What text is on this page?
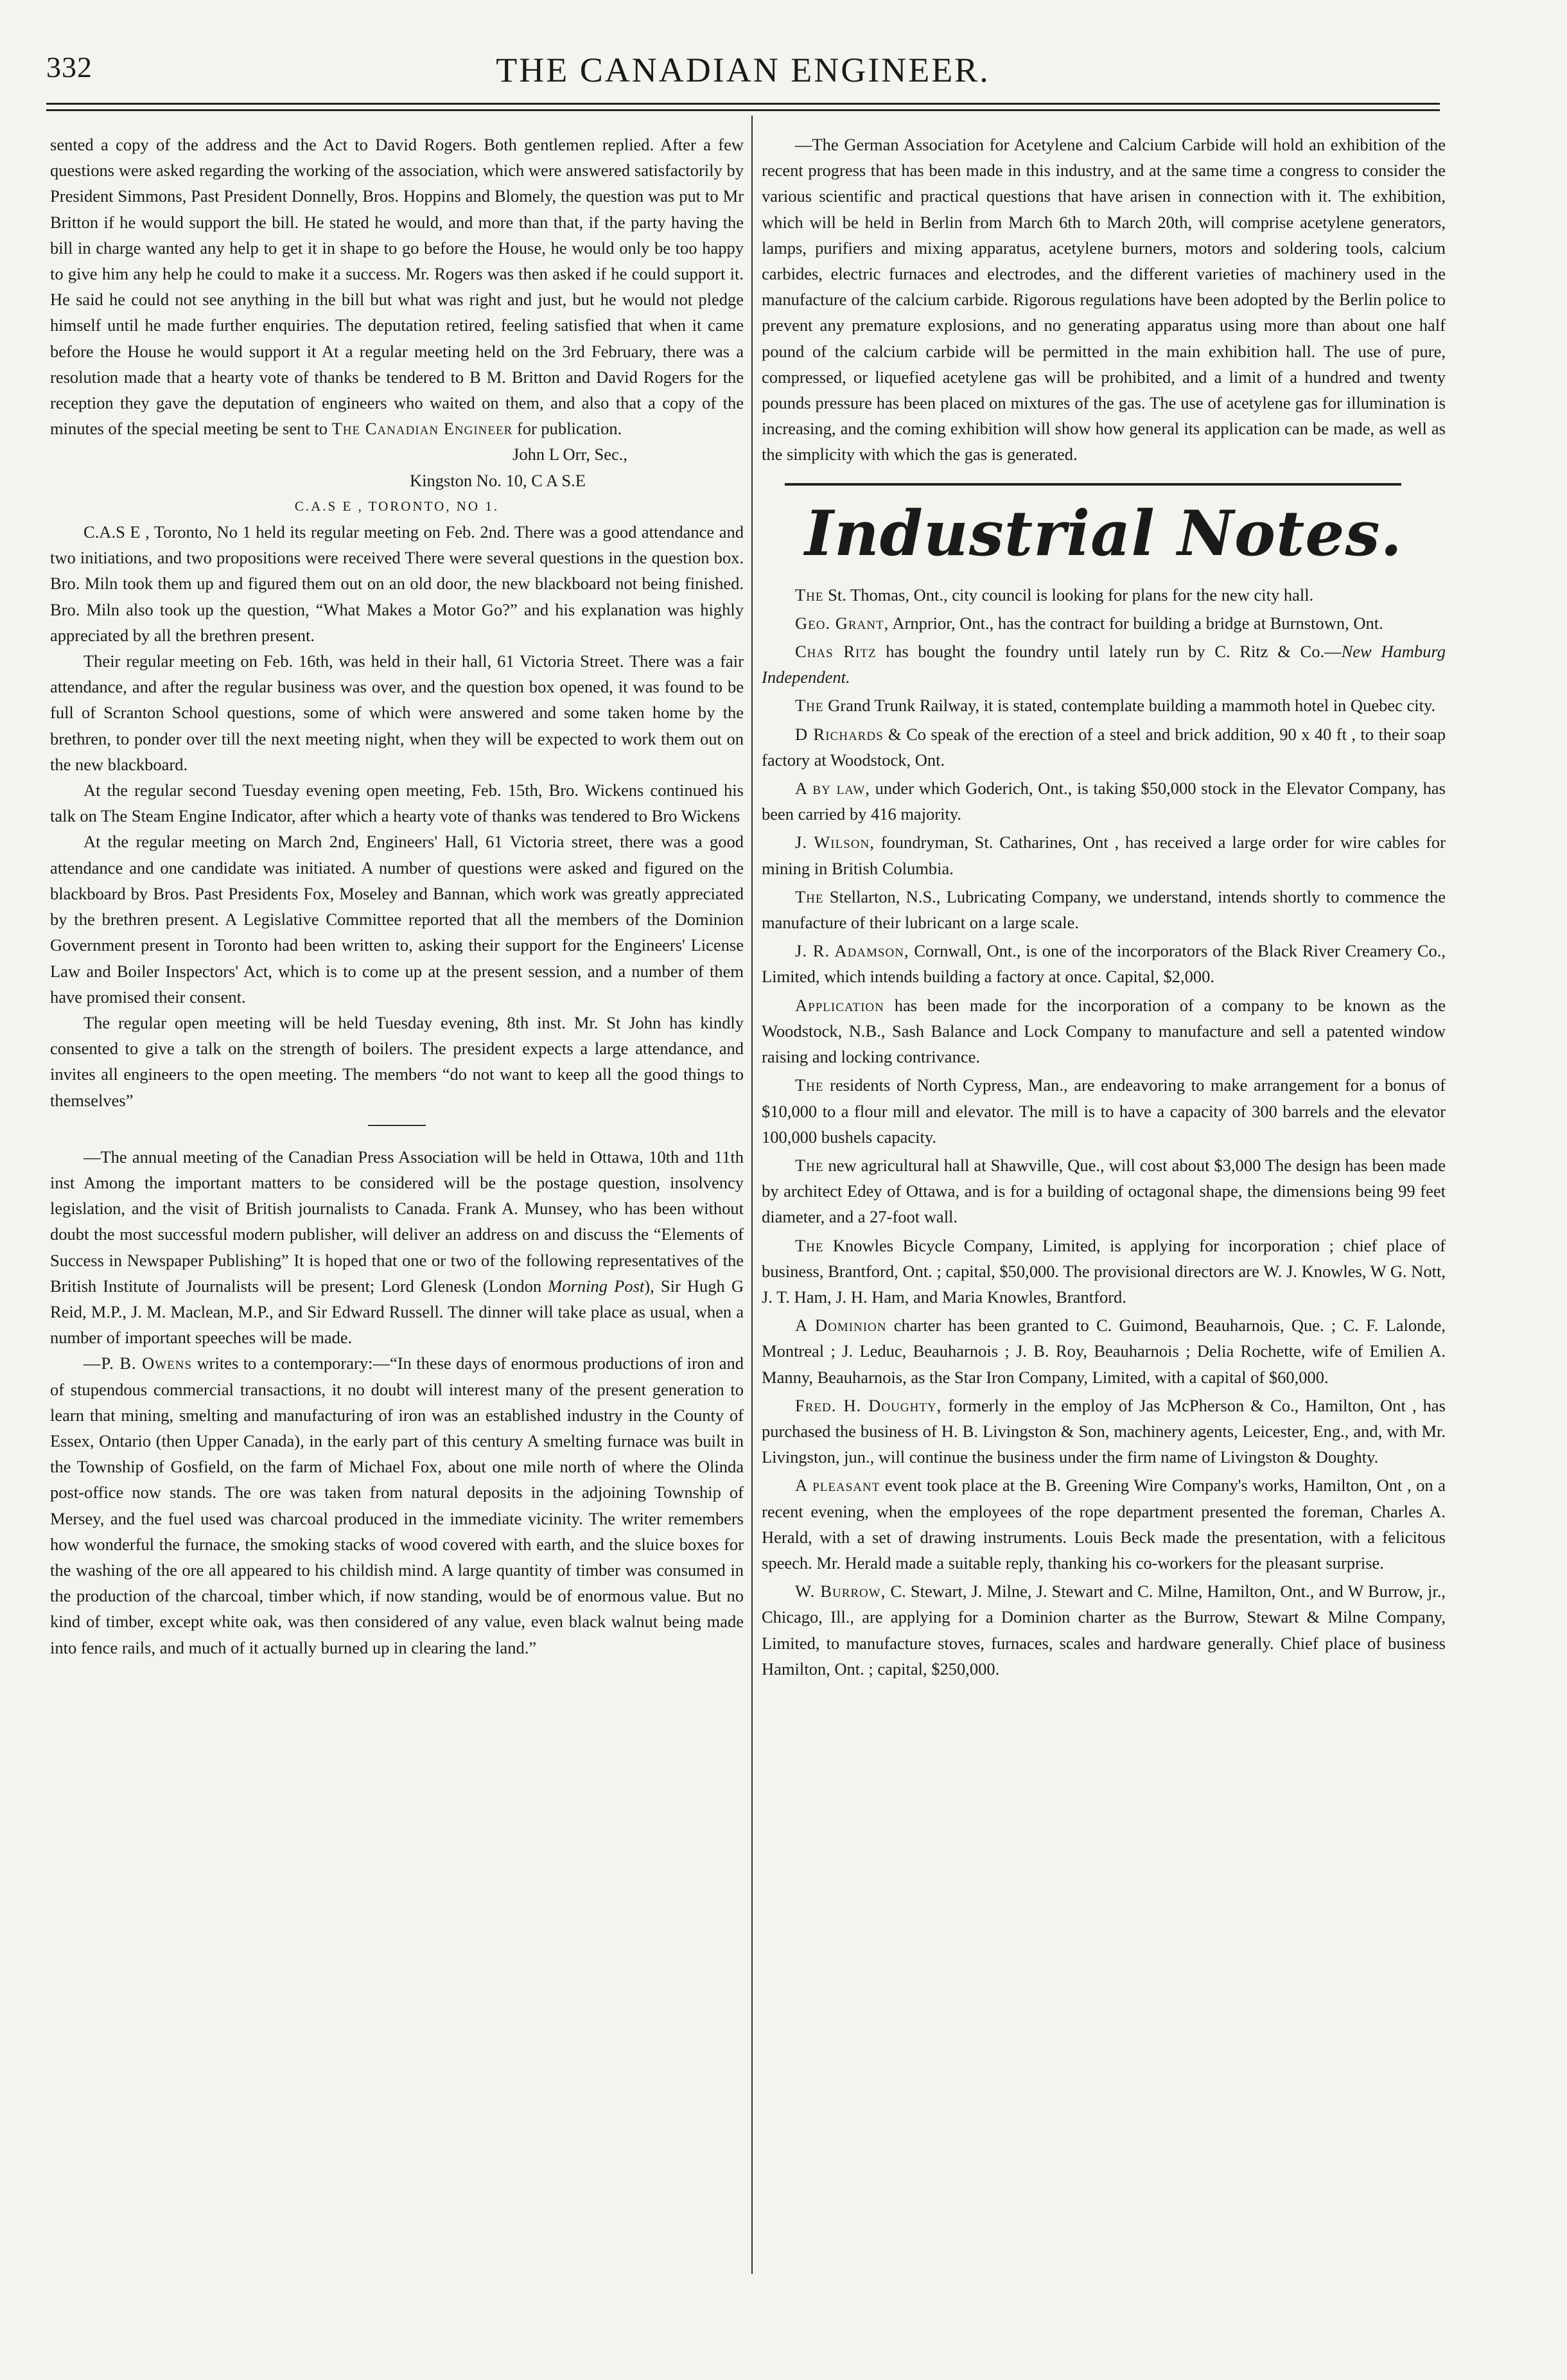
332	THE CANADIAN ENGINEER.

sented a copy of the address and the Act to David Rogers. Both gentlemen replied. After a few questions were asked regarding the working of the association, which were answered satisfactorily by President Simmons, Past President Donnelly, Bros. Hoppins and Blomely, the question was put to Mr Britton if he would support the bill. He stated he would, and more than that, if the party having the bill in charge wanted any help to get it in shape to go before the House, he would only be too happy to give him any help he could to make it a success. Mr. Rogers was then asked if he could support it. He said he could not see anything in the bill but what was right and just, but he would not pledge himself until he made further enquiries. The deputation retired, feeling satisfied that when it came before the House he would support it At a regular meeting held on the 3rd February, there was a resolution made that a hearty vote of thanks be tendered to B M. Britton and David Rogers for the reception they gave the deputation of engineers who waited on them, and also that a copy of the minutes of the special meeting be sent to The Canadian Engineer for publication.

John L Orr, Sec.,

Kingston No. 10, C A S.E

C.A.S E , TORONTO, NO 1.

C.A.S E , Toronto, No 1 held its regular meeting on Feb. 2nd. There was a good attendance and two initiations, and two propositions were received There were several questions in the question box. Bro. Miln took them up and figured them out on an old door, the new blackboard not being finished. Bro. Miln also took up the question, “What Makes a Motor Go?” and his explanation was highly appreciated by all the brethren present.

Their regular meeting on Feb. 16th, was held in their hall, 61 Victoria Street. There was a fair attendance, and after the regular business was over, and the question box opened, it was found to be full of Scranton School questions, some of which were answered and some taken home by the brethren, to ponder over till the next meeting night, when they will be expected to work them out on the new blackboard.

At the regular second Tuesday evening open meeting, Feb. 15th, Bro. Wickens continued his talk on The Steam Engine Indicator, after which a hearty vote of thanks was tendered to Bro Wickens

At the regular meeting on March 2nd, Engineers' Hall, 61 Victoria street, there was a good attendance and one candidate was initiated. A number of questions were asked and figured on the blackboard by Bros. Past Presidents Fox, Moseley and Bannan, which work was greatly appreciated by the brethren present. A Legislative Committee reported that all the members of the Dominion Government present in Toronto had been written to, asking their support for the Engineers' License Law and Boiler Inspectors' Act, which is to come up at the present session, and a number of them have promised their consent.

The regular open meeting will be held Tuesday evening, 8th inst. Mr. St John has kindly consented to give a talk on the strength of boilers. The president expects a large attendance, and invites all engineers to the open meeting. The members “do not want to keep all the good things to themselves”

—The annual meeting of the Canadian Press Association will be held in Ottawa, 10th and 11th inst Among the important matters to be considered will be the postage question, insolvency legislation, and the visit of British journalists to Canada. Frank A. Munsey, who has been without doubt the most successful modern publisher, will deliver an address on and discuss the “Elements of Success in Newspaper Publishing” It is hoped that one or two of the following representatives of the British Institute of Journalists will be present; Lord Glenesk (London Morning Post), Sir Hugh G Reid, M.P., J. M. Maclean, M.P., and Sir Edward Russell. The dinner will take place as usual, when a number of important speeches will be made.

—P. B. Owens writes to a contemporary:—“In these days of enormous productions of iron and of stupendous commercial transactions, it no doubt will interest many of the present generation to learn that mining, smelting and manufacturing of iron was an established industry in the County of Essex, Ontario (then Upper Canada), in the early part of this century A smelting furnace was built in the Township of Gosfield, on the farm of Michael Fox, about one mile north of where the Olinda post-office now stands. The ore was taken from natural deposits in the adjoining Township of Mersey, and the fuel used was charcoal produced in the immediate vicinity. The writer remembers how wonderful the furnace, the smoking stacks of wood covered with earth, and the sluice boxes for the washing of the ore all appeared to his childish mind. A large quantity of timber was consumed in the production of the charcoal, timber which, if now standing, would be of enormous value. But no kind of timber, except white oak, was then considered of any value, even black walnut being made into fence rails, and much of it actually burned up in clearing the land.”

—The German Association for Acetylene and Calcium Carbide will hold an exhibition of the recent progress that has been made in this industry, and at the same time a congress to consider the various scientific and practical questions that have arisen in connection with it. The exhibition, which will be held in Berlin from March 6th to March 20th, will comprise acetylene generators, lamps, purifiers and mixing apparatus, acetylene burners, motors and soldering tools, calcium carbides, electric furnaces and electrodes, and the different varieties of machinery used in the manufacture of the calcium carbide. Rigorous regulations have been adopted by the Berlin police to prevent any premature explosions, and no generating apparatus using more than about one half pound of the calcium carbide will be permitted in the main exhibition hall. The use of pure, compressed, or liquefied acetylene gas will be prohibited, and a limit of a hundred and twenty pounds pressure has been placed on mixtures of the gas. The use of acetylene gas for illumination is increasing, and the coming exhibition will show how general its application can be made, as well as the simplicity with which the gas is generated.

Industrial Notes.

The St. Thomas, Ont., city council is looking for plans for the new city hall.

Geo. Grant, Arnprior, Ont., has the contract for building a bridge at Burnstown, Ont.

Chas Ritz has bought the foundry until lately run by C. Ritz & Co.—New Hamburg Independent.

The Grand Trunk Railway, it is stated, contemplate building a mammoth hotel in Quebec city.

D Richards & Co speak of the erection of a steel and brick addition, 90 x 40 ft , to their soap factory at Woodstock, Ont.

A by law, under which Goderich, Ont., is taking $50,000 stock in the Elevator Company, has been carried by 416 majority.

J. Wilson, foundryman, St. Catharines, Ont , has received a large order for wire cables for mining in British Columbia.

The Stellarton, N.S., Lubricating Company, we understand, intends shortly to commence the manufacture of their lubricant on a large scale.

J. R. Adamson, Cornwall, Ont., is one of the incorporators of the Black River Creamery Co., Limited, which intends building a factory at once. Capital, $2,000.

Application has been made for the incorporation of a company to be known as the Woodstock, N.B., Sash Balance and Lock Company to manufacture and sell a patented window raising and locking contrivance.

The residents of North Cypress, Man., are endeavoring to make arrangement for a bonus of $10,000 to a flour mill and elevator. The mill is to have a capacity of 300 barrels and the elevator 100,000 bushels capacity.

The new agricultural hall at Shawville, Que., will cost about $3,000 The design has been made by architect Edey of Ottawa, and is for a building of octagonal shape, the dimensions being 99 feet diameter, and a 27-foot wall.

The Knowles Bicycle Company, Limited, is applying for incorporation ; chief place of business, Brantford, Ont. ; capital, $50,000. The provisional directors are W. J. Knowles, W G. Nott, J. T. Ham, J. H. Ham, and Maria Knowles, Brantford.

A Dominion charter has been granted to C. Guimond, Beauharnois, Que. ; C. F. Lalonde, Montreal ; J. Leduc, Beauharnois ; J. B. Roy, Beauharnois ; Delia Rochette, wife of Emilien A. Manny, Beauharnois, as the Star Iron Company, Limited, with a capital of $60,000.

Fred. H. Doughty, formerly in the employ of Jas McPherson & Co., Hamilton, Ont , has purchased the business of H. B. Livingston & Son, machinery agents, Leicester, Eng., and, with Mr. Livingston, jun., will continue the business under the firm name of Livingston & Doughty.

A pleasant event took place at the B. Greening Wire Company's works, Hamilton, Ont , on a recent evening, when the employees of the rope department presented the foreman, Charles A. Herald, with a set of drawing instruments. Louis Beck made the presentation, with a felicitous speech. Mr. Herald made a suitable reply, thanking his co-workers for the pleasant surprise.

W. Burrow, C. Stewart, J. Milne, J. Stewart and C. Milne, Hamilton, Ont., and W Burrow, jr., Chicago, Ill., are applying for a Dominion charter as the Burrow, Stewart & Milne Company, Limited, to manufacture stoves, furnaces, scales and hardware generally. Chief place of business Hamilton, Ont. ; capital, $250,000.
